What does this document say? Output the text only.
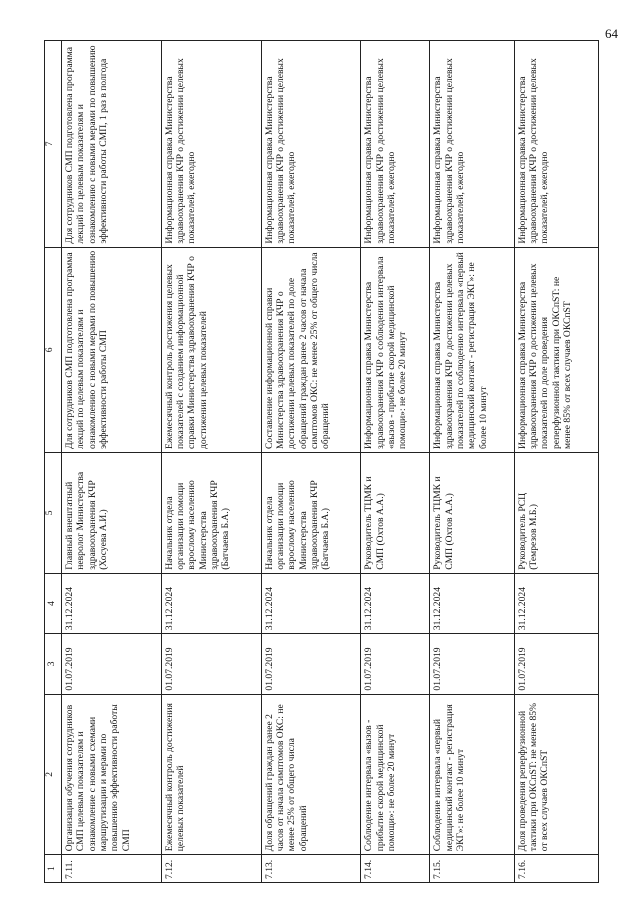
64
1	2	3	4	5	6	7
7.11.	Организация обучения сотрудников СМП целевым показателям и ознакомление с новыми схемами маршрутизации и мерами по повышению эффективности работы СМП	01.07.2019	31.12.2024	Главный внештатный невролог Министерства здравоохранения КЧР (Хосуева А.И.)	Для сотрудников СМП подготовлена программа лекций по целевым показателям и ознакомлению с новыми мерами по повышению эффективности работы СМП	Для сотрудников СМП подготовлена программа лекций по целевым показателям и ознакомлению с новыми мерами по повышению эффективности работы СМП, 1 раз в полгода
7.12.	Ежемесячный контроль достижения целевых показателей	01.07.2019	31.12.2024	Начальник отдела организации помощи взрослому населению Министерства здравоохранения КЧР (Батчаева Б.А.)	Ежемесячный контроль достижения целевых показателей с созданием информационной справки Министерства здравоохранения КЧР о достижении целевых показателей	Информационная справка Министерства здравоохранения КЧР о достижении целевых показателей, ежегодно
7.13.	Доля обращений граждан ранее 2 часов от начала симптомов ОКС: не менее 25% от общего числа обращений	01.07.2019	31.12.2024	Начальник отдела организации помощи взрослому населению Министерства здравоохранения КЧР (Батчаева Б.А.)	Составление информационной справки Министерства здравоохранения КЧР о достижении целевых показателей по доле обращений граждан ранее 2 часов от начала симптомов ОКС: не менее 25% от общего числа обращений	Информационная справка Министерства здравоохранения КЧР о достижении целевых показателей, ежегодно
7.14.	Соблюдение интервала «вызов - прибытие скорой медицинской помощи»: не более 20 минут	01.07.2019	31.12.2024	Руководитель ТЦМК и СМП (Охтов А.А.)	Информационная справка Министерства здравоохранения КЧР о соблюдении интервала «вызов - прибытие скорой медицинской помощи»: не более 20 минут	Информационная справка Министерства здравоохранения КЧР о достижении целевых показателей, ежегодно
7.15.	Соблюдение интервала «первый медицинский контакт - регистрация ЭКГ»: не более 10 минут	01.07.2019	31.12.2024	Руководитель ТЦМК и СМП (Охтов А.А.)	Информационная справка Министерства здравоохранения КЧР о достижении целевых показателей по соблюдению интервала «первый медицинский контакт - регистрация ЭКГ»: не более 10 минут	Информационная справка Министерства здравоохранения КЧР о достижении целевых показателей, ежегодно
7.16.	Доля проведения реперфузионной тактики при ОКСпST: не менее 85% от всех случаев ОКСпST	01.07.2019	31.12.2024	Руководитель РСЦ (Темрезов М.Б.)	Информационная справка Министерства здравоохранения КЧР о достижении целевых показателей по доле проведения реперфузионной тактики при ОКСпST: не менее 85% от всех случаев ОКСпST	Информационная справка Министерства здравоохранения КЧР о достижении целевых показателей, ежегодно
